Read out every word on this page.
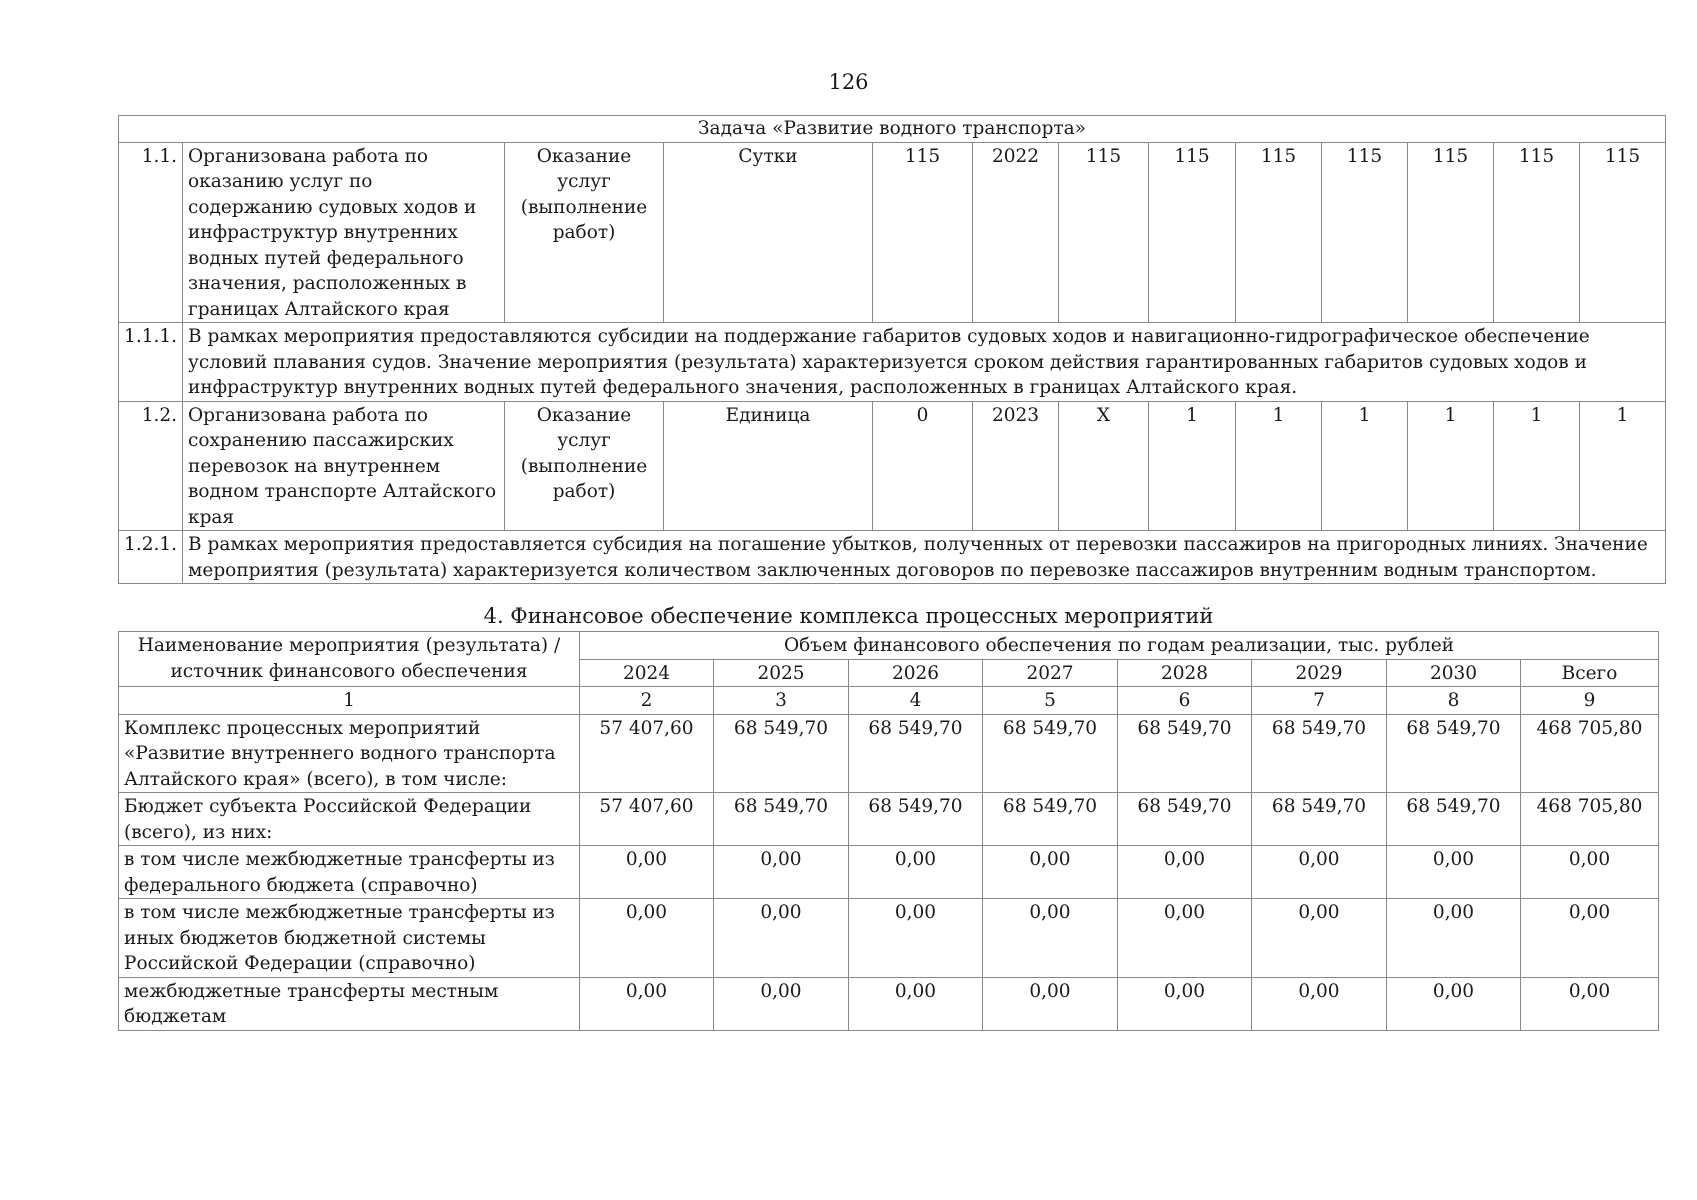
126
Задача «Развитие водного транспорта»												
1.1.	Организована работа по оказанию услуг по содержанию судовых ходов и инфраструктур внутренних водных путей федерального значения, расположенных в границах Алтайского края	Оказание услуг (выполнение работ)	Сутки	115	2022	115	115	115	115	115	115	115
1.1.1.	В рамках мероприятия предоставляются субсидии на поддержание габаритов судовых ходов и навигационно-гидрографическое обеспечение условий плавания судов. Значение мероприятия (результата) характеризуется сроком действия гарантированных габаритов судовых ходов и инфраструктур внутренних водных путей федерального значения, расположенных в границах Алтайского края.											
1.2.	Организована работа по сохранению пассажирских перевозок на внутреннем водном транспорте Алтайского края	Оказание услуг (выполнение работ)	Единица	0	2023	Х	1	1	1	1	1	1
1.2.1.	В рамках мероприятия предоставляется субсидия на погашение убытков, полученных от перевозки пассажиров на пригородных линиях. Значение мероприятия (результата) характеризуется количеством заключенных договоров по перевозке пассажиров внутренним водным транспортом.											
4. Финансовое обеспечение комплекса процессных мероприятий
Наименование мероприятия (результата) / источник финансового обеспечения	Объем финансового обеспечения по годам реализации, тыс. рублей							
	2024	2025	2026	2027	2028	2029	2030	Всего
1	2	3	4	5	6	7	8	9
Комплекс процессных мероприятий «Развитие внутреннего водного транспорта Алтайского края» (всего), в том числе:	57 407,60	68 549,70	68 549,70	68 549,70	68 549,70	68 549,70	68 549,70	468 705,80
Бюджет субъекта Российской Федерации (всего), из них:	57 407,60	68 549,70	68 549,70	68 549,70	68 549,70	68 549,70	68 549,70	468 705,80
в том числе межбюджетные трансферты из федерального бюджета (справочно)	0,00	0,00	0,00	0,00	0,00	0,00	0,00	0,00
в том числе межбюджетные трансферты из иных бюджетов бюджетной системы Российской Федерации (справочно)	0,00	0,00	0,00	0,00	0,00	0,00	0,00	0,00
межбюджетные трансферты местным бюджетам	0,00	0,00	0,00	0,00	0,00	0,00	0,00	0,00
